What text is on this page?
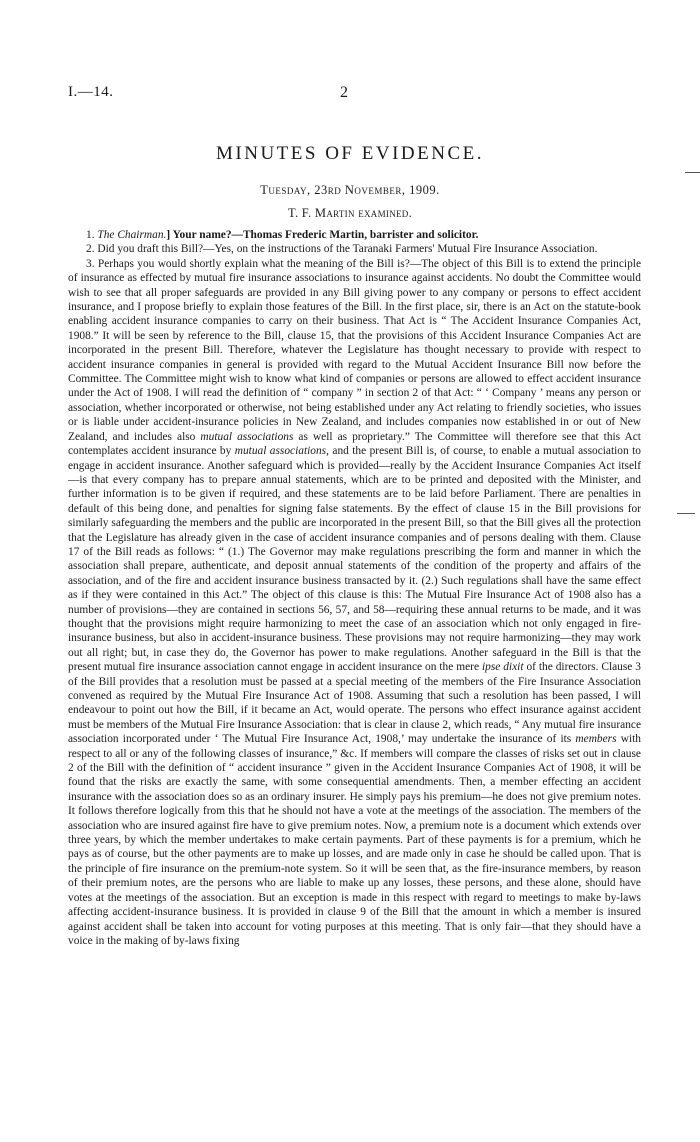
I.—14.	2
MINUTES OF EVIDENCE.
Tuesday, 23rd November, 1909.
T. F. Martin examined.

1. The Chairman.] Your name?—Thomas Frederic Martin, barrister and solicitor.

2. Did you draft this Bill?—Yes, on the instructions of the Taranaki Farmers' Mutual Fire Insurance Association.

3. Perhaps you would shortly explain what the meaning of the Bill is?—The object of this Bill is to extend the principle of insurance as effected by mutual fire insurance associations to insurance against accidents. No doubt the Committee would wish to see that all proper safeguards are provided in any Bill giving power to any company or persons to effect accident insurance, and I propose briefly to explain those features of the Bill. In the first place, sir, there is an Act on the statute-book enabling accident insurance companies to carry on their business. That Act is “ The Accident Insurance Companies Act, 1908.” It will be seen by reference to the Bill, clause 15, that the provisions of this Accident Insurance Companies Act are incorporated in the present Bill. Therefore, whatever the Legislature has thought necessary to provide with respect to accident insurance companies in general is provided with regard to the Mutual Accident Insurance Bill now before the Committee. The Committee might wish to know what kind of companies or persons are allowed to effect accident insurance under the Act of 1908. I will read the definition of “ company ” in section 2 of that Act: “ ‘ Company ’ means any person or association, whether incorporated or otherwise, not being established under any Act relating to friendly societies, who issues or is liable under accident-insurance policies in New Zealand, and includes companies now established in or out of New Zealand, and includes also mutual associations as well as proprietary.” The Committee will therefore see that this Act contemplates accident insurance by mutual associations, and the present Bill is, of course, to enable a mutual association to engage in accident insurance. Another safeguard which is provided—really by the Accident Insurance Companies Act itself—is that every company has to prepare annual statements, which are to be printed and deposited with the Minister, and further information is to be given if required, and these statements are to be laid before Parliament. There are penalties in default of this being done, and penalties for signing false statements. By the effect of clause 15 in the Bill provisions for similarly safeguarding the members and the public are incorporated in the present Bill, so that the Bill gives all the protection that the Legislature has already given in the case of accident insurance companies and of persons dealing with them. Clause 17 of the Bill reads as follows: “ (1.) The Governor may make regulations prescribing the form and manner in which the association shall prepare, authenticate, and deposit annual statements of the condition of the property and affairs of the association, and of the fire and accident insurance business transacted by it. (2.) Such regulations shall have the same effect as if they were contained in this Act.” The object of this clause is this: The Mutual Fire Insurance Act of 1908 also has a number of provisions—they are contained in sections 56, 57, and 58—requiring these annual returns to be made, and it was thought that the provisions might require harmonizing to meet the case of an association which not only engaged in fire-insurance business, but also in accident-insurance business. These provisions may not require harmonizing—they may work out all right; but, in case they do, the Governor has power to make regulations. Another safeguard in the Bill is that the present mutual fire insurance association cannot engage in accident insurance on the mere ipse dixit of the directors. Clause 3 of the Bill provides that a resolution must be passed at a special meeting of the members of the Fire Insurance Association convened as required by the Mutual Fire Insurance Act of 1908. Assuming that such a resolution has been passed, I will endeavour to point out how the Bill, if it became an Act, would operate. The persons who effect insurance against accident must be members of the Mutual Fire Insurance Association: that is clear in clause 2, which reads, “ Any mutual fire insurance association incorporated under ‘ The Mutual Fire Insurance Act, 1908,’ may undertake the insurance of its members with respect to all or any of the following classes of insurance,” &c. If members will compare the classes of risks set out in clause 2 of the Bill with the definition of “ accident insurance ” given in the Accident Insurance Companies Act of 1908, it will be found that the risks are exactly the same, with some consequential amendments. Then, a member effecting an accident insurance with the association does so as an ordinary insurer. He simply pays his premium—he does not give premium notes. It follows therefore logically from this that he should not have a vote at the meetings of the association. The members of the association who are insured against fire have to give premium notes. Now, a premium note is a document which extends over three years, by which the member undertakes to make certain payments. Part of these payments is for a premium, which he pays as of course, but the other payments are to make up losses, and are made only in case he should be called upon. That is the principle of fire insurance on the premium-note system. So it will be seen that, as the fire-insurance members, by reason of their premium notes, are the persons who are liable to make up any losses, these persons, and these alone, should have votes at the meetings of the association. But an exception is made in this respect with regard to meetings to make by-laws affecting accident-insurance business. It is provided in clause 9 of the Bill that the amount in which a member is insured against accident shall be taken into account for voting purposes at this meeting. That is only fair—that they should have a voice in the making of by-laws fixing
